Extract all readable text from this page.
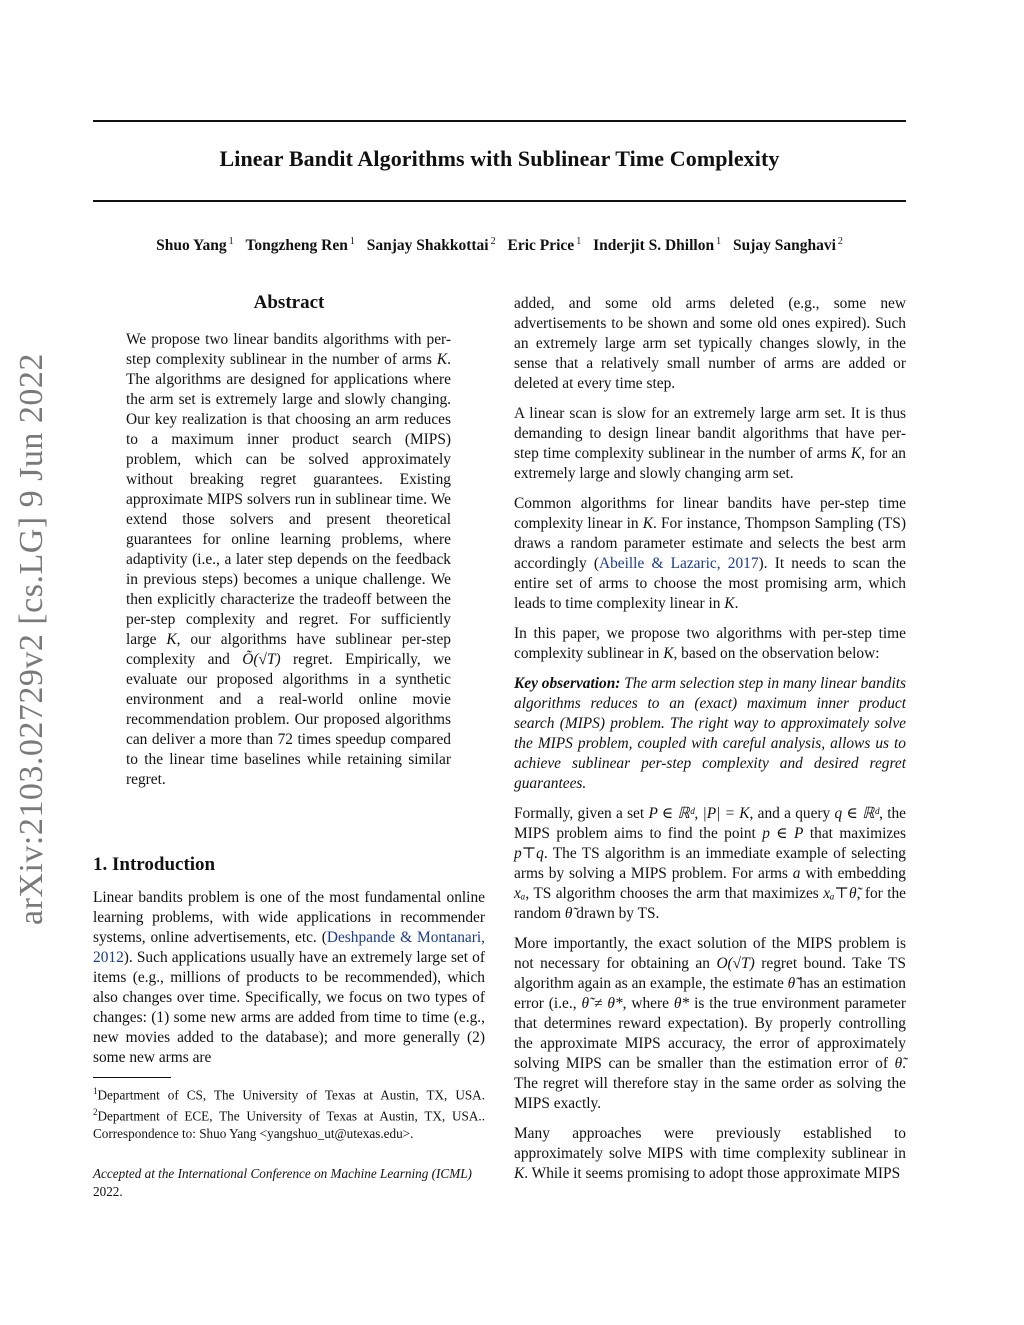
Linear Bandit Algorithms with Sublinear Time Complexity
Shuo Yang $^1$ Tongzheng Ren $^1$ Sanjay Shakkottai $^2$ Eric Price $^1$ Inderjit S. Dhillon $^1$ Sujay Sanghavi $^2$
arXiv:2103.02729v2 [cs.LG] 9 Jun 2022
Abstract

We propose two linear bandits algorithms with per-step complexity sublinear in the number of arms K. The algorithms are designed for applications where the arm set is extremely large and slowly changing. Our key realization is that choosing an arm reduces to a maximum inner product search (MIPS) problem, which can be solved approximately without breaking regret guarantees. Existing approximate MIPS solvers run in sublinear time. We extend those solvers and present theoretical guarantees for online learning problems, where adaptivity (i.e., a later step depends on the feedback in previous steps) becomes a unique challenge. We then explicitly characterize the tradeoff between the per-step complexity and regret. For sufficiently large K, our algorithms have sublinear per-step complexity and Õ(√T) regret. Empirically, we evaluate our proposed algorithms in a synthetic environment and a real-world online movie recommendation problem. Our proposed algorithms can deliver a more than 72 times speedup compared to the linear time baselines while retaining similar regret.

1. Introduction

Linear bandits problem is one of the most fundamental online learning problems, with wide applications in recommender systems, online advertisements, etc. (Deshpande & Montanari, 2012). Such applications usually have an extremely large set of items (e.g., millions of products to be recommended), which also changes over time. Specifically, we focus on two types of changes: (1) some new arms are added from time to time (e.g., new movies added to the database); and more generally (2) some new arms are

$^1$Department of CS, The University of Texas at Austin, TX, USA. $^2$Department of ECE, The University of Texas at Austin, TX, USA.. Correspondence to: Shuo Yang <yangshuo_ut@utexas.edu>.

Accepted at the International Conference on Machine Learning (ICML) 2022.

added, and some old arms deleted (e.g., some new advertisements to be shown and some old ones expired). Such an extremely large arm set typically changes slowly, in the sense that a relatively small number of arms are added or deleted at every time step.

A linear scan is slow for an extremely large arm set. It is thus demanding to design linear bandit algorithms that have per-step time complexity sublinear in the number of arms K, for an extremely large and slowly changing arm set.

Common algorithms for linear bandits have per-step time complexity linear in K. For instance, Thompson Sampling (TS) draws a random parameter estimate and selects the best arm accordingly (Abeille & Lazaric, 2017). It needs to scan the entire set of arms to choose the most promising arm, which leads to time complexity linear in K.

In this paper, we propose two algorithms with per-step time complexity sublinear in K, based on the observation below:

Key observation: The arm selection step in many linear bandits algorithms reduces to an (exact) maximum inner product search (MIPS) problem. The right way to approximately solve the MIPS problem, coupled with careful analysis, allows us to achieve sublinear per-step complexity and desired regret guarantees.

Formally, given a set P ∈ ℝᵈ, |P| = K, and a query q ∈ ℝᵈ, the MIPS problem aims to find the point p ∈ P that maximizes p⊤q. The TS algorithm is an immediate example of selecting arms by solving a MIPS problem. For arms a with embedding xₐ, TS algorithm chooses the arm that maximizes xₐ⊤θ̃, for the random θ̃ drawn by TS.

More importantly, the exact solution of the MIPS problem is not necessary for obtaining an O(√T) regret bound. Take TS algorithm again as an example, the estimate θ̃ has an estimation error (i.e., θ̃ ≠ θ*, where θ* is the true environment parameter that determines reward expectation). By properly controlling the approximate MIPS accuracy, the error of approximately solving MIPS can be smaller than the estimation error of θ̃. The regret will therefore stay in the same order as solving the MIPS exactly.

Many approaches were previously established to approximately solve MIPS with time complexity sublinear in K. While it seems promising to adopt those approximate MIPS
